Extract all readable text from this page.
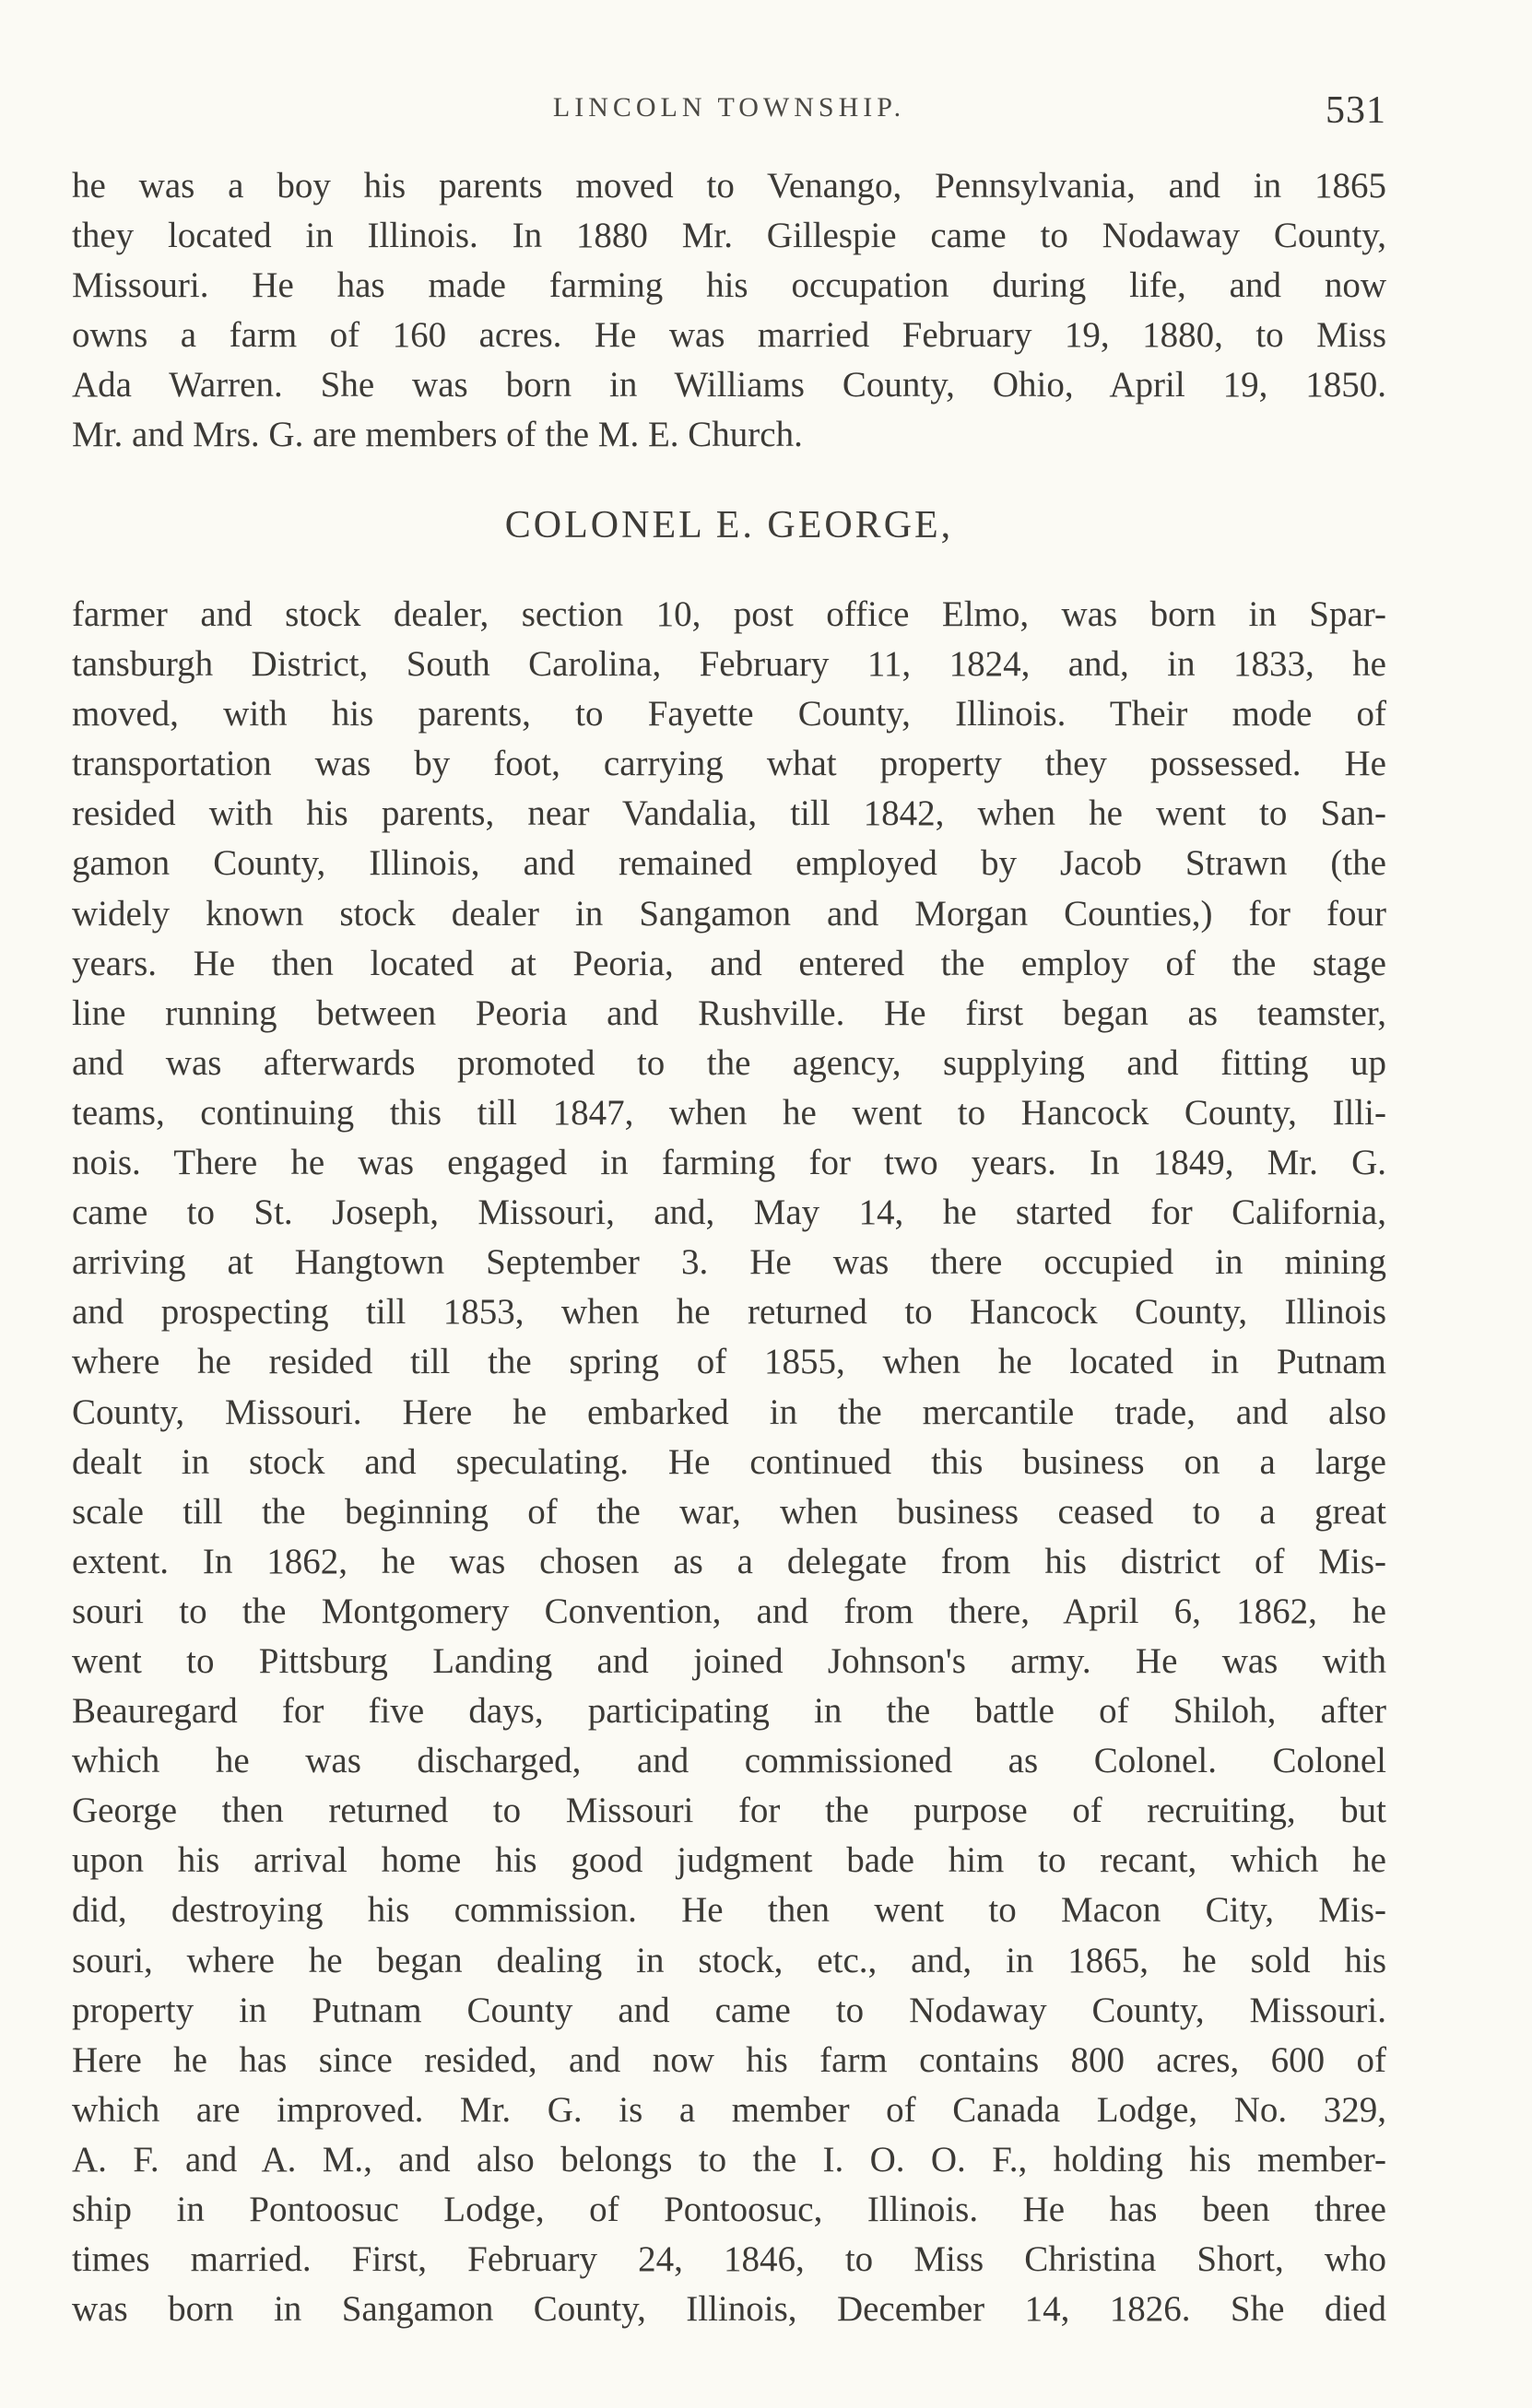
LINCOLN TOWNSHIP.	531
he was a boy his parents moved to Venango, Pennsylvania, and in 1865
they located in Illinois. In 1880 Mr. Gillespie came to Nodaway County,
Missouri. He has made farming his occupation during life, and now
owns a farm of 160 acres. He was married February 19, 1880, to Miss
Ada Warren. She was born in Williams County, Ohio, April 19, 1850.
Mr. and Mrs. G. are members of the M. E. Church.
COLONEL E. GEORGE,
farmer and stock dealer, section 10, post office Elmo, was born in Spar-
tansburgh District, South Carolina, February 11, 1824, and, in 1833, he
moved, with his parents, to Fayette County, Illinois. Their mode of
transportation was by foot, carrying what property they possessed. He
resided with his parents, near Vandalia, till 1842, when he went to San-
gamon County, Illinois, and remained employed by Jacob Strawn (the
widely known stock dealer in Sangamon and Morgan Counties,) for four
years. He then located at Peoria, and entered the employ of the stage
line running between Peoria and Rushville. He first began as teamster,
and was afterwards promoted to the agency, supplying and fitting up
teams, continuing this till 1847, when he went to Hancock County, Illi-
nois. There he was engaged in farming for two years. In 1849, Mr. G.
came to St. Joseph, Missouri, and, May 14, he started for California,
arriving at Hangtown September 3. He was there occupied in mining
and prospecting till 1853, when he returned to Hancock County, Illinois
where he resided till the spring of 1855, when he located in Putnam
County, Missouri. Here he embarked in the mercantile trade, and also
dealt in stock and speculating. He continued this business on a large
scale till the beginning of the war, when business ceased to a great
extent. In 1862, he was chosen as a delegate from his district of Mis-
souri to the Montgomery Convention, and from there, April 6, 1862, he
went to Pittsburg Landing and joined Johnson's army. He was with
Beauregard for five days, participating in the battle of Shiloh, after
which he was discharged, and commissioned as Colonel. Colonel
George then returned to Missouri for the purpose of recruiting, but
upon his arrival home his good judgment bade him to recant, which he
did, destroying his commission. He then went to Macon City, Mis-
souri, where he began dealing in stock, etc., and, in 1865, he sold his
property in Putnam County and came to Nodaway County, Missouri.
Here he has since resided, and now his farm contains 800 acres, 600 of
which are improved. Mr. G. is a member of Canada Lodge, No. 329,
A. F. and A. M., and also belongs to the I. O. O. F., holding his member-
ship in Pontoosuc Lodge, of Pontoosuc, Illinois. He has been three
times married. First, February 24, 1846, to Miss Christina Short, who
was born in Sangamon County, Illinois, December 14, 1826. She died
